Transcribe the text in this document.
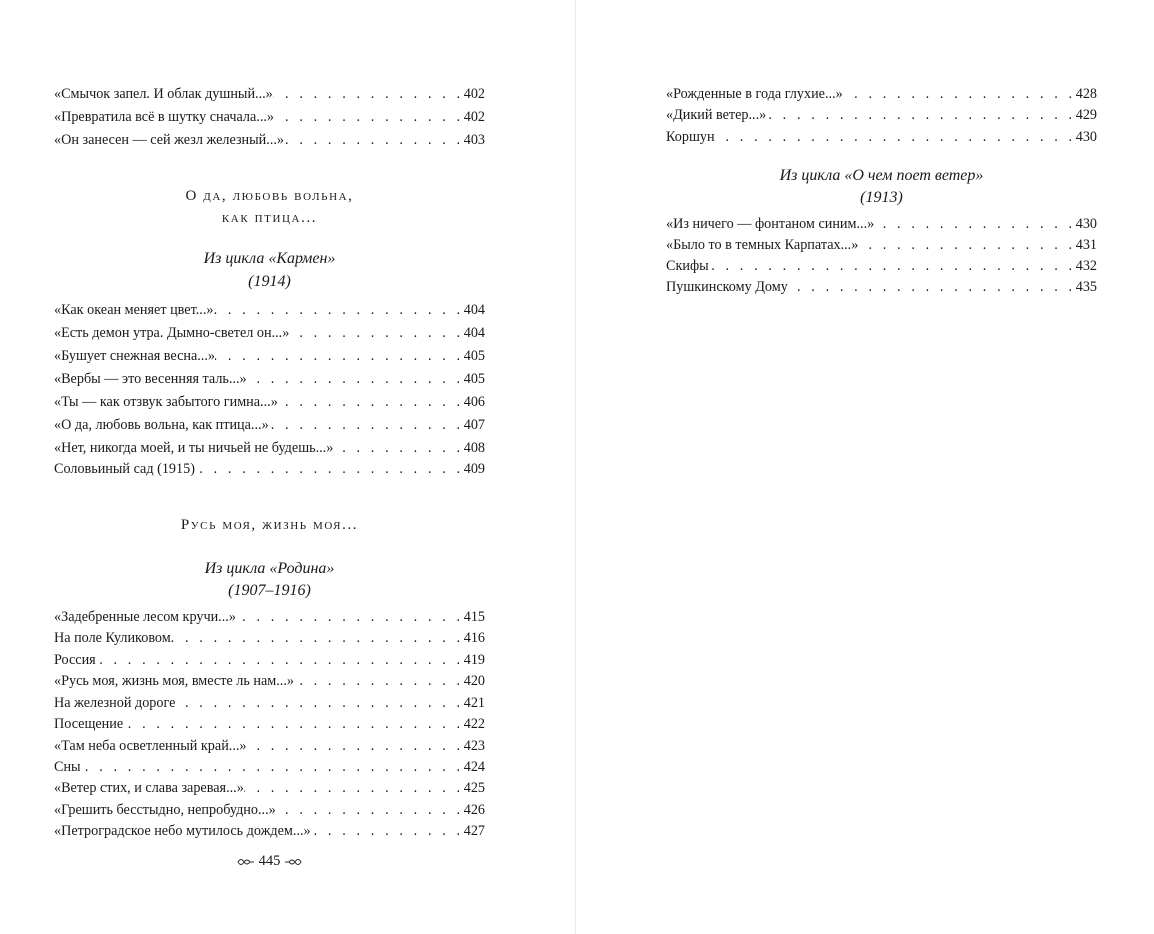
«Смычок запел. И облак душный...» . . .	402
«Превратила всё в шутку сначала...» . . .	402
«Он занесен — сей жезл железный...» . . .	403
О да, любовь вольна,
как птица...
Из цикла «Кармен»
(1914)
«Как океан меняет цвет...» . . .	404
«Есть демон утра. Дымно-светел он...» . . .	404
«Бушует снежная весна...» . . .	405
«Вербы — это весенняя таль...» . . .	405
«Ты — как отзвук забытого гимна...» . . .	406
«О да, любовь вольна, как птица...» . . .	407
«Нет, никогда моей, и ты ничьей не будешь...» . . .	408
Соловьиный сад (1915) . . .	409
Русь моя, жизнь моя...
Из цикла «Родина»
(1907–1916)
«Задебренные лесом кручи...» . . .	415
На поле Куликовом . . .	416
Россия . . .	419
«Русь моя, жизнь моя, вместе ль нам...» . . .	420
На железной дороге . . .	421
Посещение . . .	422
«Там неба осветленный край...» . . .	423
Сны . . .	424
«Ветер стих, и слава заревая...» . . .	425
«Грешить бесстыдно, непробудно...» . . .	426
«Петроградское небо мутилось дождем...» . . .	427
445
«Рожденные в года глухие...» . . .	428
«Дикий ветер...» . . .	429
Коршун . . .	430
Из цикла «О чем поет ветер»
(1913)
«Из ничего — фонтаном синим...» . . .	430
«Было то в темных Карпатах...» . . .	431
Скифы . . .	432
Пушкинскому Дому . . .	435
